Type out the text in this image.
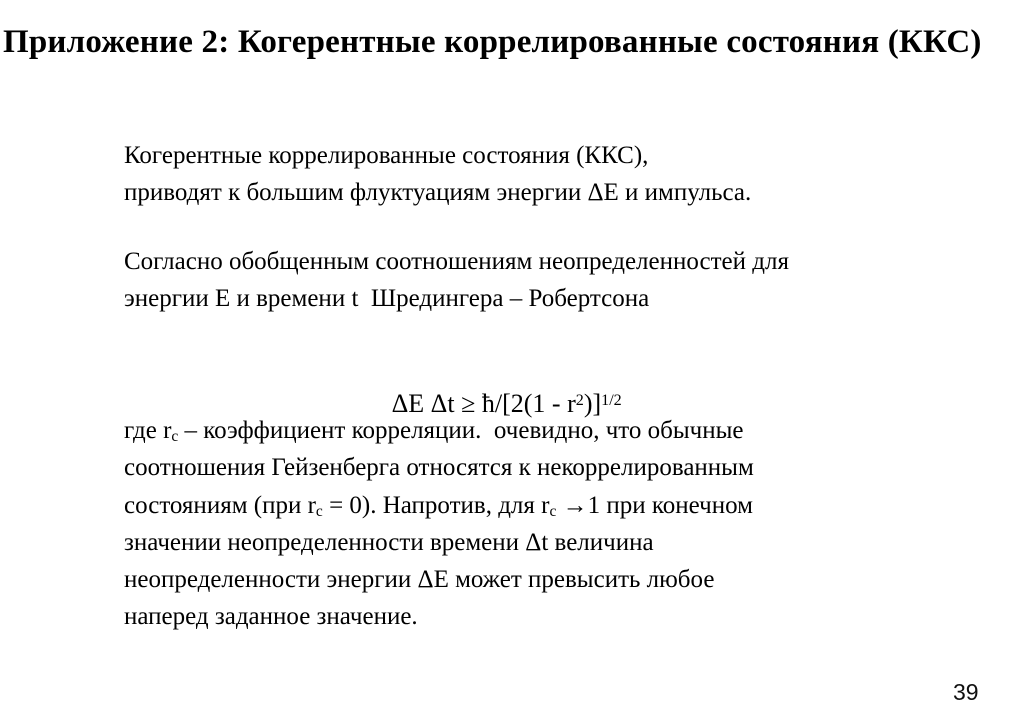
Приложение 2: Когерентные коррелированные состояния (ККС)
Когерентные коррелированные состояния (ККС),
приводят к большим флуктуациям энергии ΔE и импульса.
Согласно обобщенным соотношениям неопределенностей для
энергии E и времени t  Шредингера – Робертсона

ΔE Δt ≥ ħ/[2(1 - $r^2)]^{1/2}$

где $r_c$ – коэффициент корреляции.  очевидно, что обычные
соотношения Гейзенберга относятся к некоррелированным
состояниям (при $r_c = 0$). Напротив, для $r_c \to 1$ при конечном
значении неопределенности времени Δt величина
неопределенности энергии ΔE может превысить любое
наперед заданное значение.
39
